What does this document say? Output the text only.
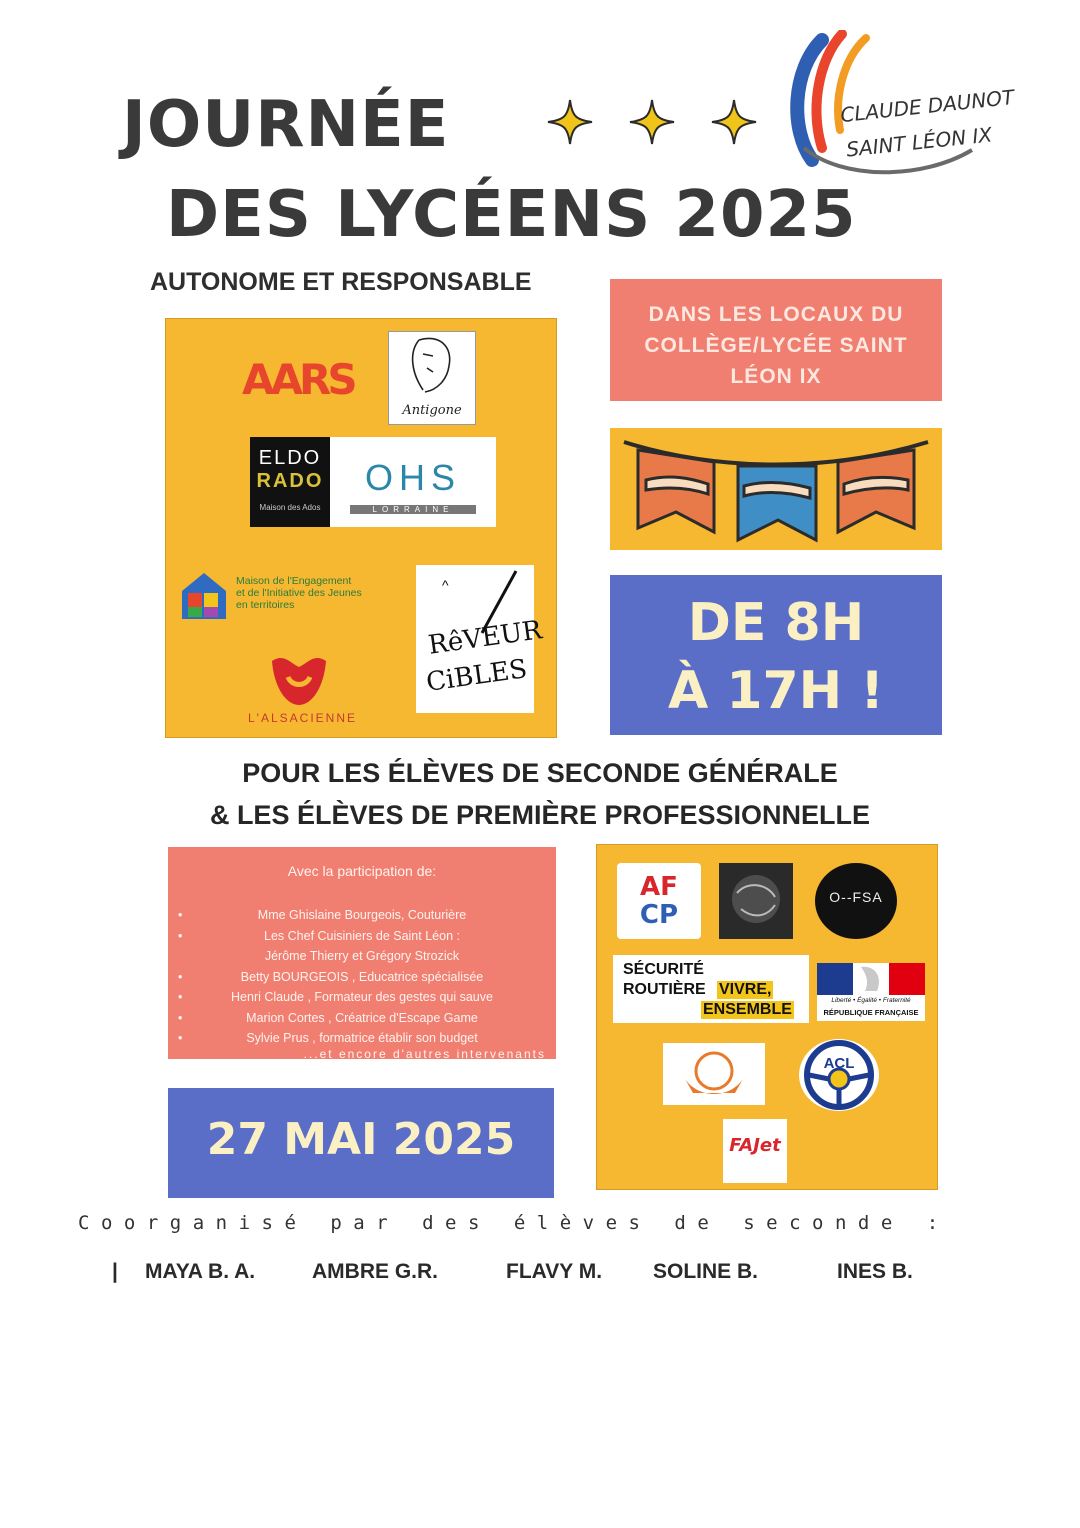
JOURNÉE
DES LYCÉENS 2025
CLAUDE DAUNOT
SAINT LÉON IX
AUTONOME ET RESPONSABLE
AARS
Antigone
ELDO
RADO
Maison des Ados
OHS
LORRAINE
Maison de l'Engagement
et de l'Initiative des Jeunes
en territoires
L'ALSACIENNE
^
RêVEUR
CiBLES
DANS LES LOCAUX DU
COLLÈGE/LYCÉE SAINT
LÉON IX
DE 8H
À 17H !
POUR LES ÉLÈVES DE SECONDE GÉNÉRALE
& LES ÉLÈVES DE PREMIÈRE PROFESSIONNELLE
Avec la participation de:
•	Mme Ghislaine Bourgeois, Couturière
•	Les Chef Cuisiniers de Saint Léon :
Jérôme Thierry et Grégory Strozick
•	Betty BOURGEOIS , Educatrice spécialisée
•	Henri Claude , Formateur des gestes qui sauve
•	Marion Cortes , Créatrice d'Escape Game
•	Sylvie Prus , formatrice établir son budget
...et encore d'autres intervenants
27 MAI 2025
AF
CP
O‑‑FSA
SÉCURITÉ
ROUTIÈRE VIVRE,
ENSEMBLE
Liberté • Égalité • Fraternité
RÉPUBLIQUE FRANÇAISE
ACL
FAJet
Coorganisé par des élèves de seconde :
| MAYA B. A.	AMBRE G.R.	FLAVY M. SOLINE B.	INES B.
